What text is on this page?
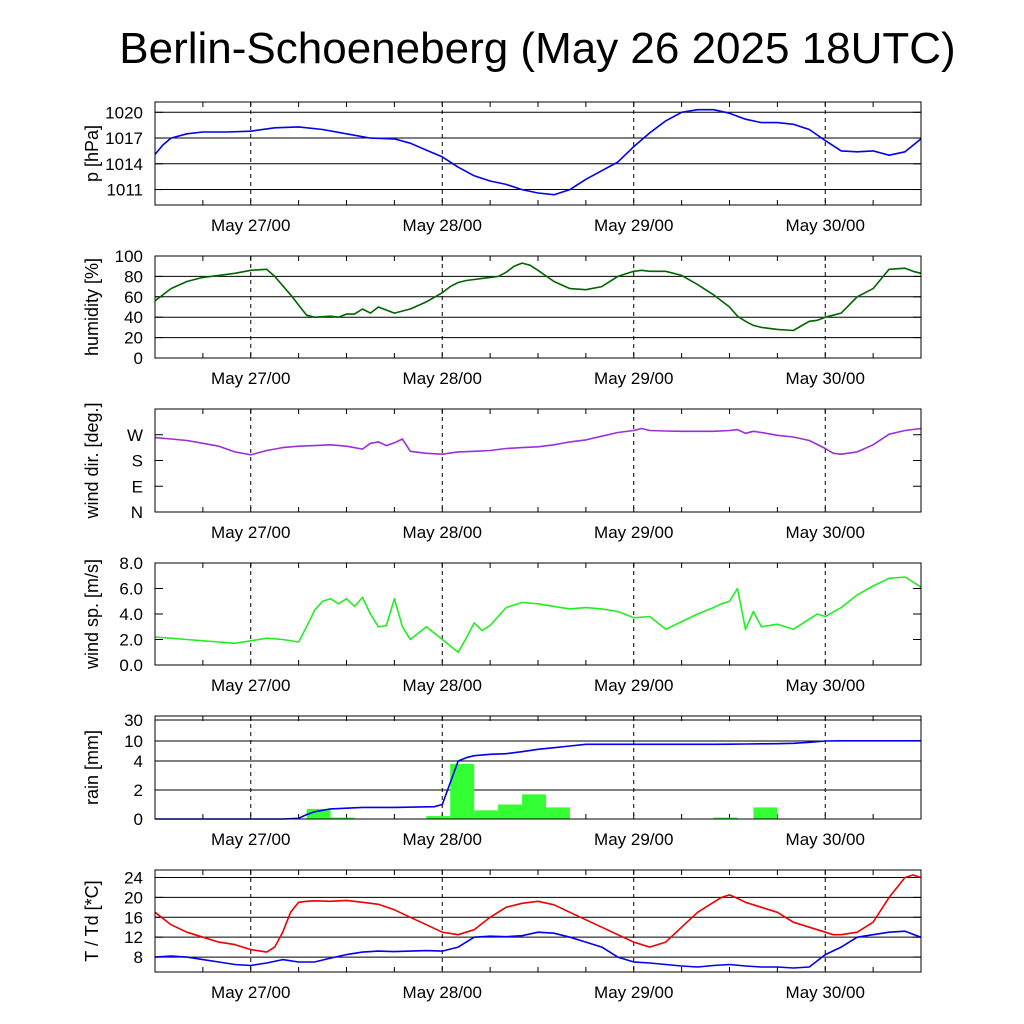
Berlin-Schoeneberg (May 26 2025 18UTC)
1011
1014
1017
1020
May 27/00	May 28/00	May 29/00	May 30/00
p [hPa]
0
20
40
60
80
100
May 27/00	May 28/00	May 29/00	May 30/00
humidity [%]
N
E
S
W
May 27/00	May 28/00	May 29/00	May 30/00
wind dir. [deg.]
0.0
2.0
4.0
6.0
8.0
May 27/00	May 28/00	May 29/00	May 30/00
wind sp. [m/s]
0
2
4
10
30
May 27/00	May 28/00	May 29/00	May 30/00
rain [mm]
8
12
16
20
24
May 27/00	May 28/00	May 29/00	May 30/00
T / Td [*C]
